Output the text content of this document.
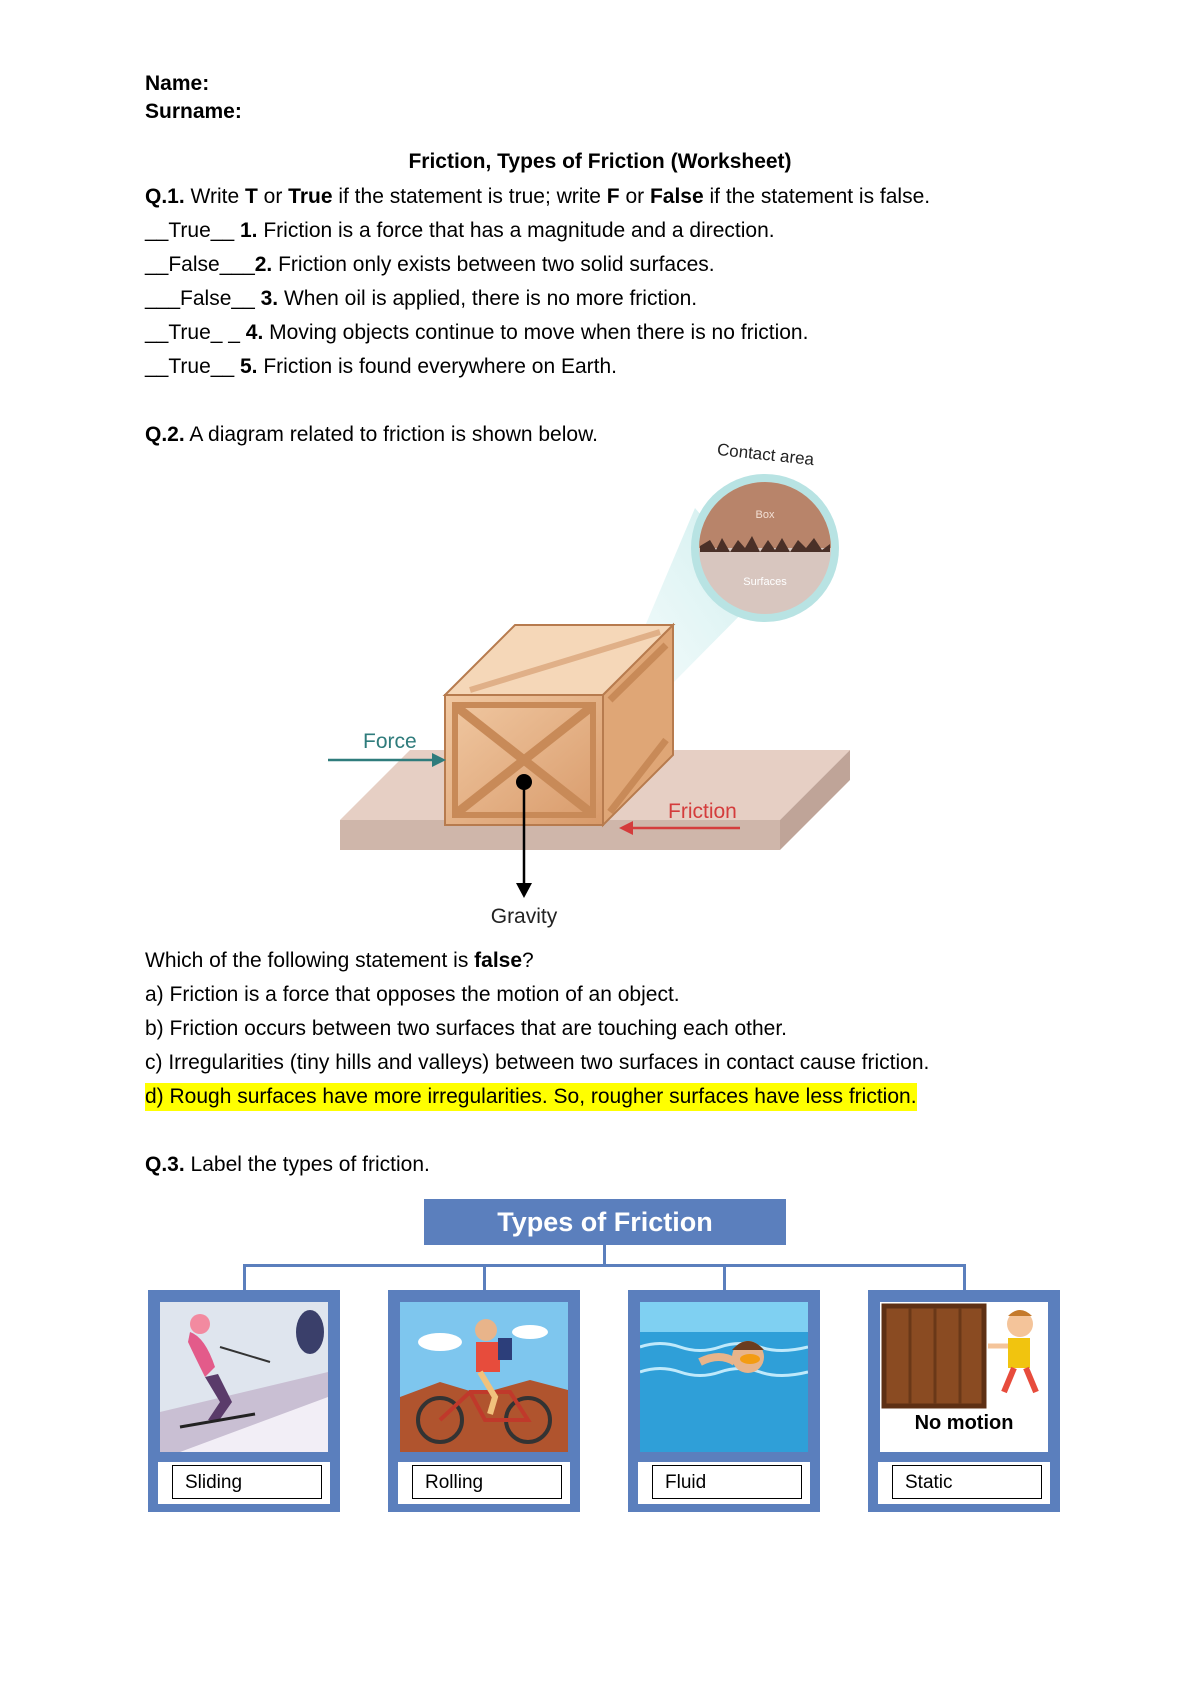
Name:
Surname:
Friction, Types of Friction (Worksheet)
Q.1. Write T or True if the statement is true; write F or False if the statement is false.
__True__ 1. Friction is a force that has a magnitude and a direction.
__False___2. Friction only exists between two solid surfaces.
___False__ 3. When oil is applied, there is no more friction.
__True_ _ 4. Moving objects continue to move when there is no friction.
__True__ 5. Friction is found everywhere on Earth.
Q.2. A diagram related to friction is shown below.
Contact area
Box
Surfaces
Force
Friction
Gravity
Which of the following statement is false?
a) Friction is a force that opposes the motion of an object.
b) Friction occurs between two surfaces that are touching each other.
c) Irregularities (tiny hills and valleys) between two surfaces in contact cause friction.
d) Rough surfaces have more irregularities. So, rougher surfaces have less friction.
Q.3. Label the types of friction.
Types of Friction
Sliding	Rolling	Fluid
No motion
Static
